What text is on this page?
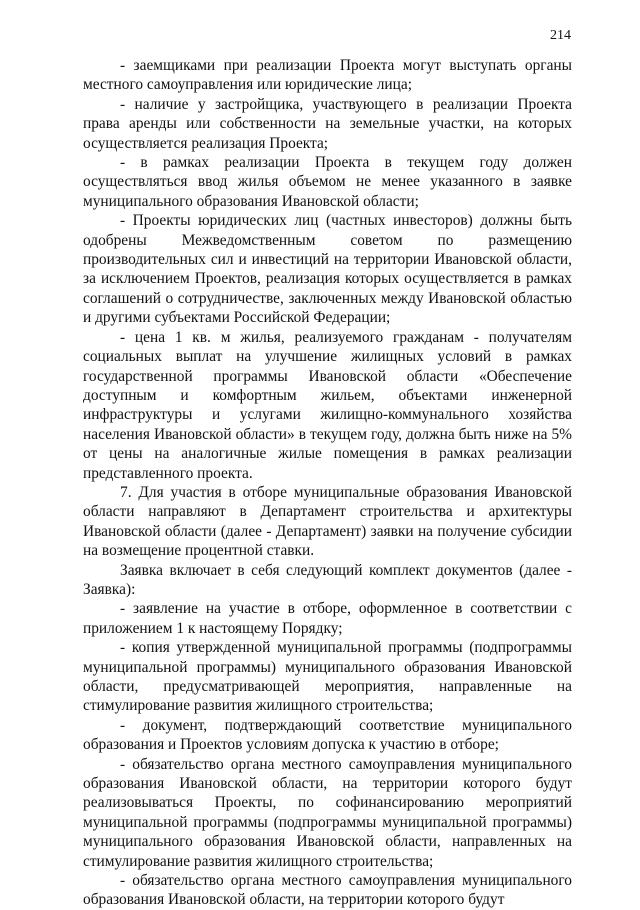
214

- заемщиками при реализации Проекта могут выступать органы местного самоуправления или юридические лица;

- наличие у застройщика, участвующего в реализации Проекта права аренды или собственности на земельные участки, на которых осуществляется реализация Проекта;

- в рамках реализации Проекта в текущем году должен осуществляться ввод жилья объемом не менее указанного в заявке муниципального образования Ивановской области;

- Проекты юридических лиц (частных инвесторов) должны быть одобрены Межведомственным советом по размещению производительных сил и инвестиций на территории Ивановской области, за исключением Проектов, реализация которых осуществляется в рамках соглашений о сотрудничестве, заключенных между Ивановской областью и другими субъектами Российской Федерации;

- цена 1 кв. м жилья, реализуемого гражданам - получателям социальных выплат на улучшение жилищных условий в рамках государственной программы Ивановской области «Обеспечение доступным и комфортным жильем, объектами инженерной инфраструктуры и услугами жилищно-коммунального хозяйства населения Ивановской области» в текущем году, должна быть ниже на 5% от цены на аналогичные жилые помещения в рамках реализации представленного проекта.

7. Для участия в отборе муниципальные образования Ивановской области направляют в Департамент строительства и архитектуры Ивановской области (далее - Департамент) заявки на получение субсидии на возмещение процентной ставки.

Заявка включает в себя следующий комплект документов (далее - Заявка):

- заявление на участие в отборе, оформленное в соответствии с приложением 1 к настоящему Порядку;

- копия утвержденной муниципальной программы (подпрограммы муниципальной программы) муниципального образования Ивановской области, предусматривающей мероприятия, направленные на стимулирование развития жилищного строительства;

- документ, подтверждающий соответствие муниципального образования и Проектов условиям допуска к участию в отборе;

- обязательство органа местного самоуправления муниципального образования Ивановской области, на территории которого будут реализовываться Проекты, по софинансированию мероприятий муниципальной программы (подпрограммы муниципальной программы) муниципального образования Ивановской области, направленных на стимулирование развития жилищного строительства;

- обязательство органа местного самоуправления муниципального образования Ивановской области, на территории которого будут
